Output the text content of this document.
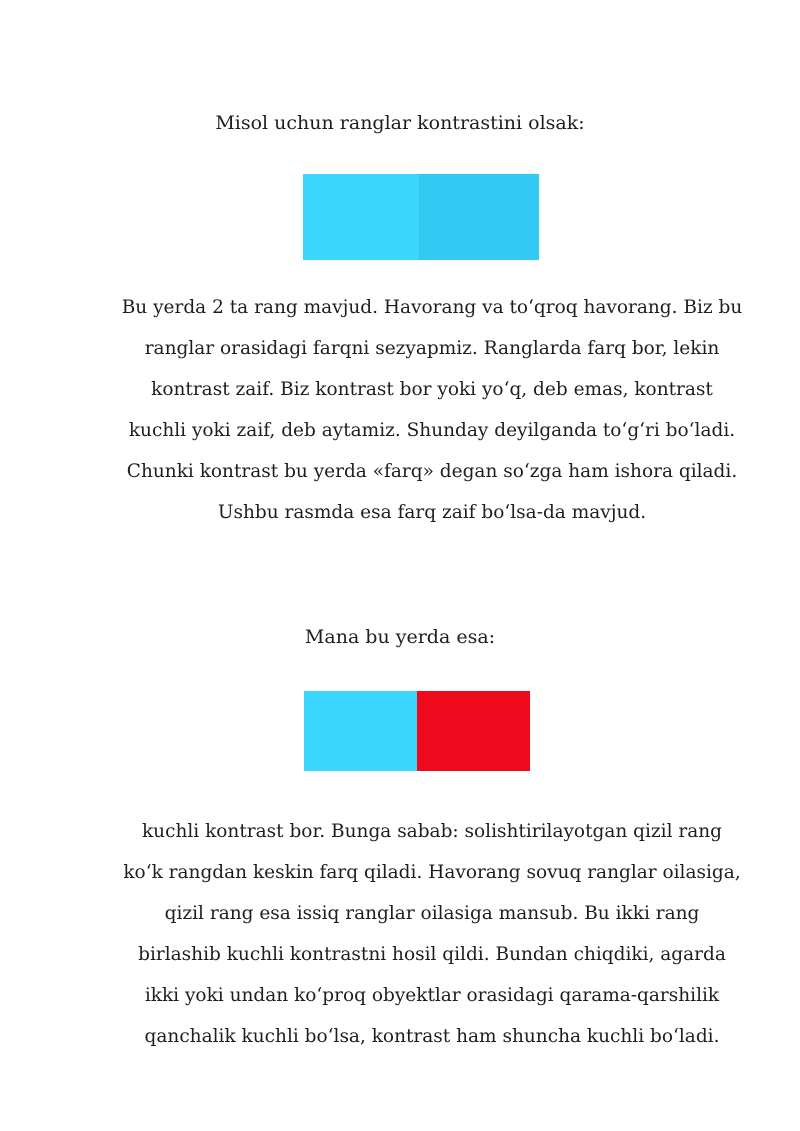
Misol uchun ranglar kontrastini olsak:
Bu yerda 2 ta rang mavjud. Havorang va to‘qroq havorang. Biz bu
ranglar orasidagi farqni sezyapmiz. Ranglarda farq bor, lekin
kontrast zaif. Biz kontrast bor yoki yo‘q, deb emas, kontrast
kuchli yoki zaif, deb aytamiz. Shunday deyilganda to‘g‘ri bo‘ladi.
Chunki kontrast bu yerda «farq» degan so‘zga ham ishora qiladi.
Ushbu rasmda esa farq zaif bo‘lsa-da mavjud.
Mana bu yerda esa:
kuchli kontrast bor. Bunga sabab: solishtirilayotgan qizil rang
ko‘k rangdan keskin farq qiladi. Havorang sovuq ranglar oilasiga,
qizil rang esa issiq ranglar oilasiga mansub. Bu ikki rang
birlashib kuchli kontrastni hosil qildi. Bundan chiqdiki, agarda
ikki yoki undan ko‘proq obyektlar orasidagi qarama-qarshilik
qanchalik kuchli bo‘lsa, kontrast ham shuncha kuchli bo‘ladi.
